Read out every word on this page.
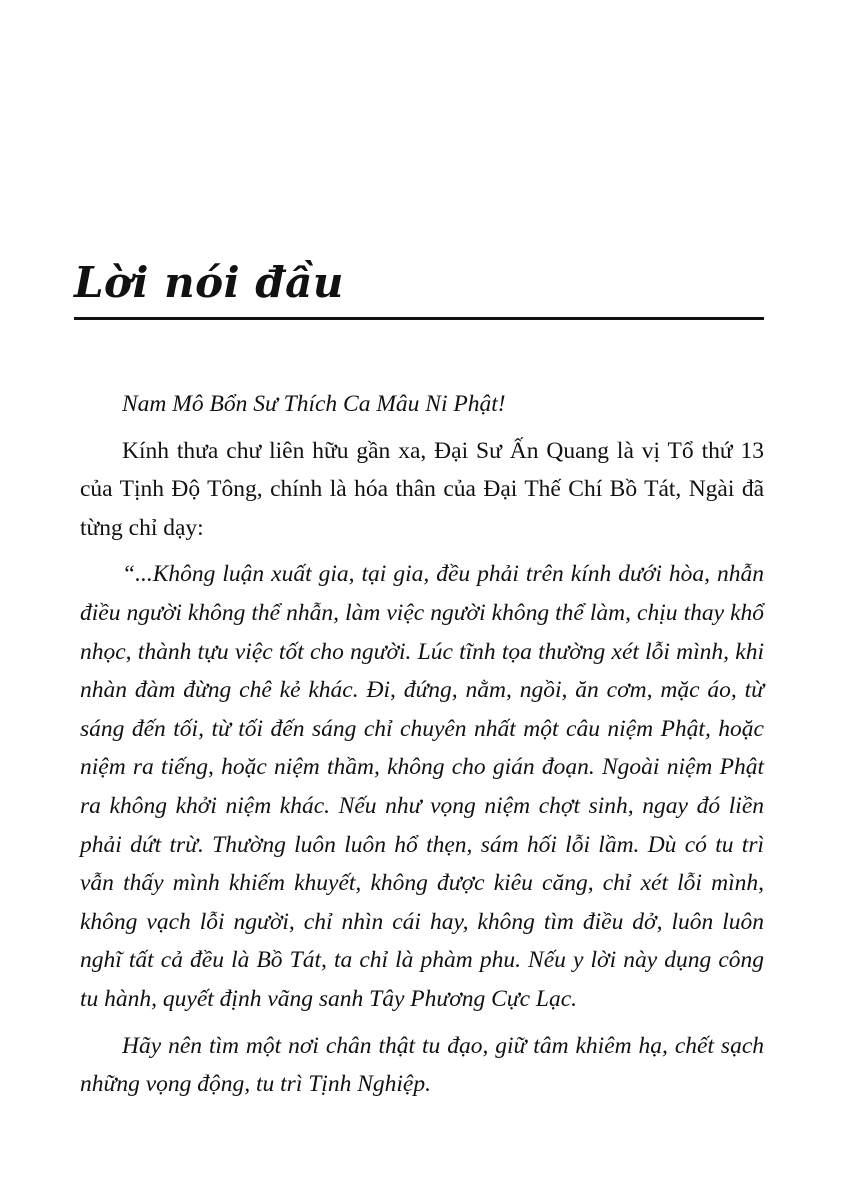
Lời nói đầu

Nam Mô Bổn Sư Thích Ca Mâu Ni Phật!

Kính thưa chư liên hữu gần xa, Đại Sư Ấn Quang là vị Tổ thứ 13 của Tịnh Độ Tông, chính là hóa thân của Đại Thế Chí Bồ Tát, Ngài đã từng chỉ dạy:

“...Không luận xuất gia, tại gia, đều phải trên kính dưới hòa, nhẫn điều người không thể nhẫn, làm việc người không thể làm, chịu thay khổ nhọc, thành tựu việc tốt cho người. Lúc tĩnh tọa thường xét lỗi mình, khi nhàn đàm đừng chê kẻ khác. Đi, đứng, nằm, ngồi, ăn cơm, mặc áo, từ sáng đến tối, từ tối đến sáng chỉ chuyên nhất một câu niệm Phật, hoặc niệm ra tiếng, hoặc niệm thầm, không cho gián đoạn. Ngoài niệm Phật ra không khởi niệm khác. Nếu như vọng niệm chợt sinh, ngay đó liền phải dứt trừ. Thường luôn luôn hổ thẹn, sám hối lỗi lầm. Dù có tu trì vẫn thấy mình khiếm khuyết, không được kiêu căng, chỉ xét lỗi mình, không vạch lỗi người, chỉ nhìn cái hay, không tìm điều dở, luôn luôn nghĩ tất cả đều là Bồ Tát, ta chỉ là phàm phu. Nếu y lời này dụng công tu hành, quyết định vãng sanh Tây Phương Cực Lạc.

Hãy nên tìm một nơi chân thật tu đạo, giữ tâm khiêm hạ, chết sạch những vọng động, tu trì Tịnh Nghiệp.
